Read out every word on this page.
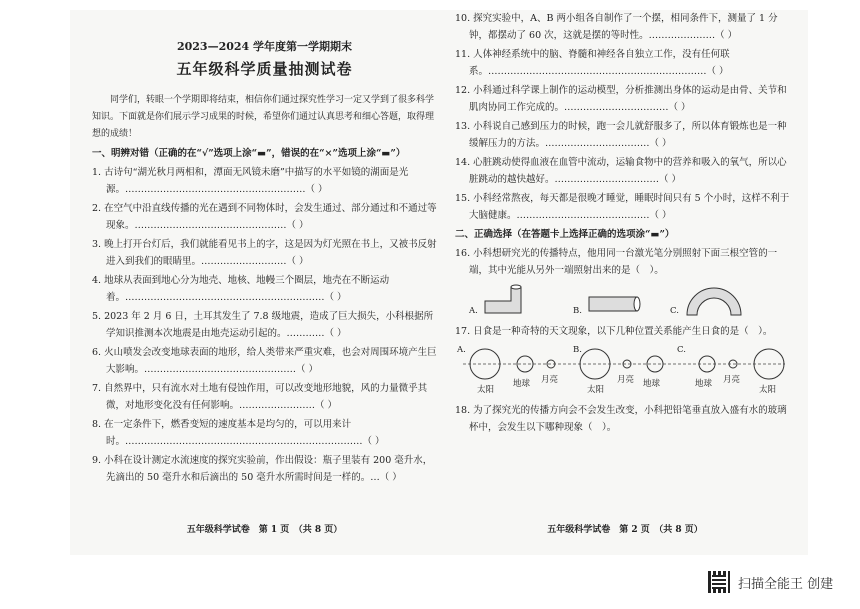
2023—2024 学年度第一学期期末
五年级科学质量抽测试卷
同学们，转眼一个学期即将结束，相信你们通过探究性学习一定又学到了很多科学知识。下面就是你们展示学习成果的时候，希望你们通过认真思考和细心答题，取得理想的成绩！
一、明辨对错（正确的在“√”选项上涂“▬”，错误的在“×”选项上涂“▬”）
1. 古诗句“湖光秋月两相和，潭面无风镜未磨”中描写的水平如镜的湖面是光源。…………………………………………………（ ）
2. 在空气中沿直线传播的光在遇到不同物体时，会发生通过、部分通过和不通过等现象。…………………………………………（ ）
3. 晚上打开台灯后，我们就能看见书上的字，这是因为灯光照在书上，又被书反射进入到我们的眼睛里。………………………（ ）
4. 地球从表面到地心分为地壳、地核、地幔三个圈层，地壳在不断运动着。………………………………………………………（ ）
5. 2023 年 2 月 6 日，土耳其发生了 7.8 级地震，造成了巨大损失，小科根据所学知识推测本次地震是由地壳运动引起的。…………（ ）
6. 火山喷发会改变地球表面的地形，给人类带来严重灾难，也会对周围环境产生巨大影响。…………………………………………（ ）
7. 自然界中，只有流水对土地有侵蚀作用，可以改变地形地貌，风的力量微乎其微，对地形变化没有任何影响。……………………（ ）
8. 在一定条件下，燃香变短的速度基本是均匀的，可以用来计时。…………………………………………………………………（ ）
9. 小科在设计测定水流速度的探究实验前，作出假设：瓶子里装有 200 毫升水，先滴出的 50 毫升水和后滴出的 50 毫升水所需时间是一样的。…（ ）
五年级科学试卷　第 1 页　（共 8 页）
10. 探究实验中，A、B 两小组各自制作了一个摆，相同条件下，测量了 1 分钟，都摆动了 60 次，这就是摆的等时性。…………………（ ）
11. 人体神经系统中的脑、脊髓和神经各自独立工作，没有任何联系。……………………………………………………………（ ）
12. 小科通过科学课上制作的运动模型，分析推测出身体的运动是由骨、关节和肌肉协同工作完成的。……………………………（ ）
13. 小科说自己感到压力的时候，跑一会儿就舒服多了，所以体育锻炼也是一种缓解压力的方法。……………………………（ ）
14. 心脏跳动使得血液在血管中流动，运输食物中的营养和吸入的氧气，所以心脏跳动的越快越好。……………………………（ ）
15. 小科经常熬夜，每天都是很晚才睡觉，睡眠时间只有 5 个小时，这样不利于大脑健康。……………………………………（ ）
二、正确选择（在答题卡上选择正确的选项涂“▬”）
16. 小科想研究光的传播特点，他用同一台激光笔分别照射下面三根空管的一端，其中光能从另外一端照射出来的是（　）。
A.	B.	C.
17. 日食是一种奇特的天文现象，以下几种位置关系能产生日食的是（　）。
A.
太阳
地球 月亮
B.
太阳
月亮 地球
C.
地球 月亮
太阳
18. 为了探究光的传播方向会不会发生改变，小科把铅笔垂直放入盛有水的玻璃杯中，会发生以下哪种现象（　）。
五年级科学试卷　第 2 页　（共 8 页）
扫描全能王 创建
